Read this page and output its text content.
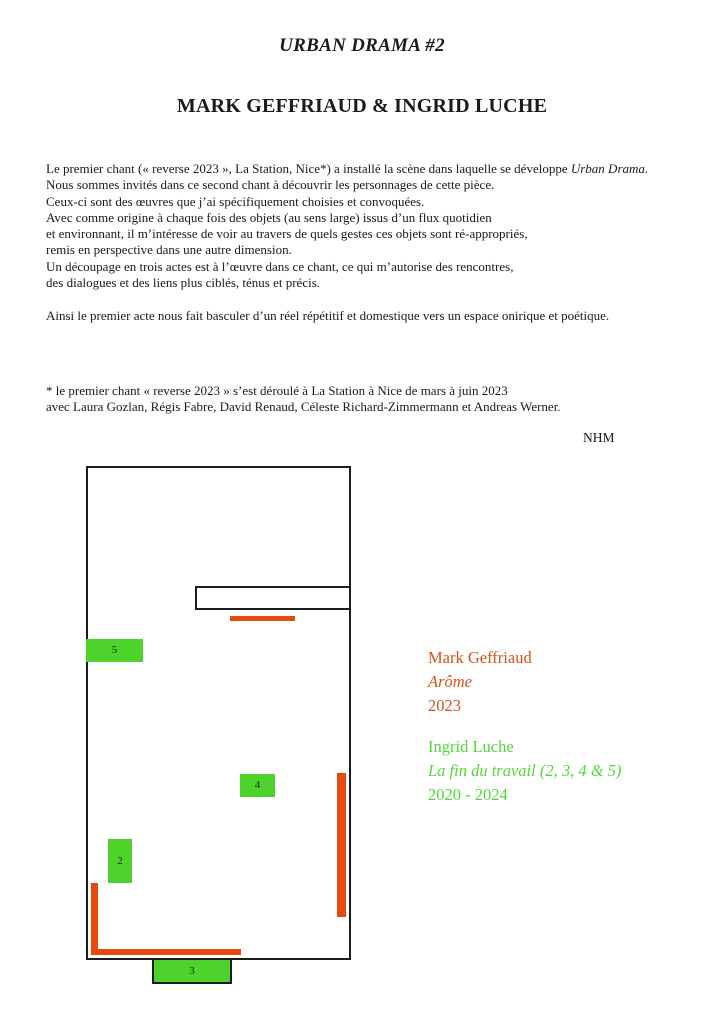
URBAN DRAMA #2
MARK GEFFRIAUD & INGRID LUCHE
Le premier chant (« reverse 2023 », La Station, Nice*) a installé la scène dans laquelle se développe Urban Drama.
Nous sommes invités dans ce second chant à découvrir les personnages de cette pièce.
Ceux-ci sont des œuvres que j’ai spécifiquement choisies et convoquées.
Avec comme origine à chaque fois des objets (au sens large) issus d’un flux quotidien
et environnant, il m’intéresse de voir au travers de quels gestes ces objets sont ré-appropriés,
remis en perspective dans une autre dimension.
Un découpage en trois actes est à l’œuvre dans ce chant, ce qui m’autorise des rencontres,
des dialogues et des liens plus ciblés, ténus et précis.
Ainsi le premier acte nous fait basculer d’un réel répétitif et domestique vers un espace onirique et poétique.
* le premier chant « reverse 2023 » s’est déroulé à La Station à Nice de mars à juin 2023
avec Laura Gozlan, Régis Fabre, David Renaud, Céleste Richard-Zimmermann et Andreas Werner.
NHM
5
4
2
3
Mark Geffriaud
Arôme
2023
Ingrid Luche
La fin du travail (2, 3, 4 & 5)
2020 - 2024
